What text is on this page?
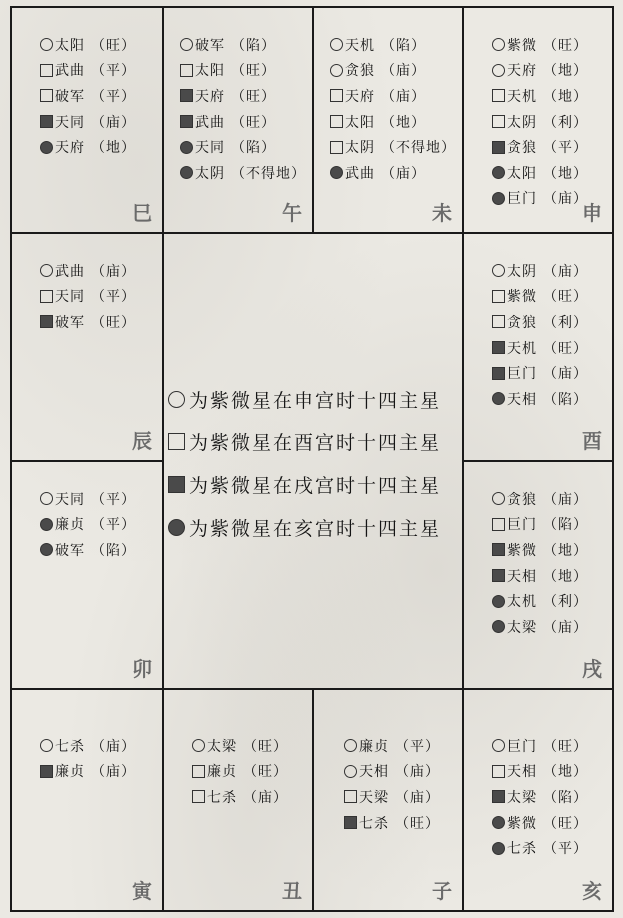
太阳 （旺）
武曲 （平）
破军 （平）
天同 （庙）
天府 （地）
巳
破军 （陷）
太阳 （旺）
天府 （旺）
武曲 （旺）
天同 （陷）
太阴 （不得地）
午
天机 （陷）
贪狼 （庙）
天府 （庙）
太阳 （地）
太阴 （不得地）
武曲 （庙）
未
紫微 （旺）
天府 （地）
天机 （地）
太阴 （利）
贪狼 （平）
太阳 （地）
巨门 （庙）
申
武曲 （庙）
天同 （平）
破军 （旺）
辰
太阴 （庙）
紫微 （旺）
贪狼 （利）
天机 （旺）
巨门 （庙）
天相 （陷）
酉
天同 （平）
廉贞 （平）
破军 （陷）
卯
贪狼 （庙）
巨门 （陷）
紫微 （地）
天相 （地）
太机 （利）
太梁 （庙）
戌
七杀 （庙）
廉贞 （庙）
寅
太梁 （旺）
廉贞 （旺）
七杀 （庙）
丑
廉贞 （平）
天相 （庙）
天梁 （庙）
七杀 （旺）
子
巨门 （旺）
天相 （地）
太梁 （陷）
紫微 （旺）
七杀 （平）
亥
为紫微星在申宫时十四主星
为紫微星在酉宫时十四主星
为紫微星在戌宫时十四主星
为紫微星在亥宫时十四主星
